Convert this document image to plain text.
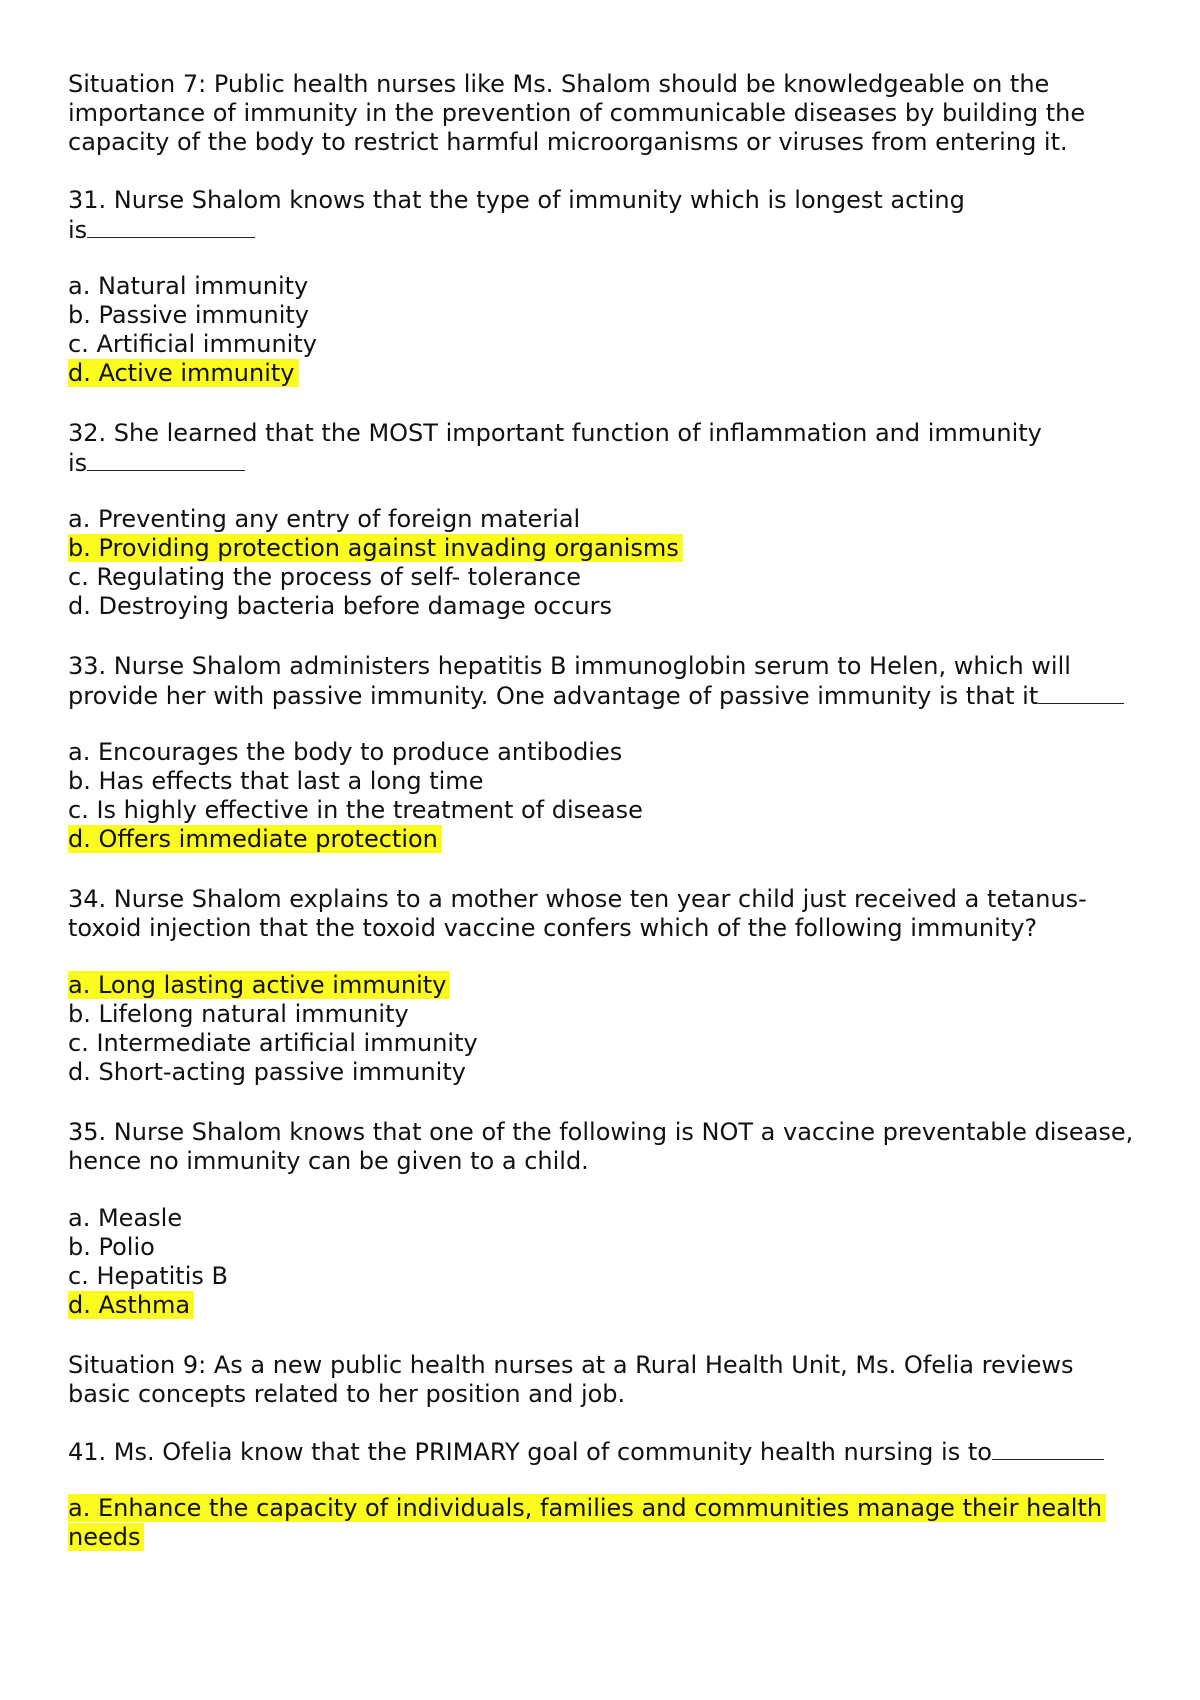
Situation 7: Public health nurses like Ms. Shalom should be knowledgeable on the
importance of immunity in the prevention of communicable diseases by building the
capacity of the body to restrict harmful microorganisms or viruses from entering it.
31. Nurse Shalom knows that the type of immunity which is longest acting
is
a. Natural immunity
b. Passive immunity
c. Artificial immunity
d. Active immunity
32. She learned that the MOST important function of inflammation and immunity
is
a. Preventing any entry of foreign material
b. Providing protection against invading organisms
c. Regulating the process of self- tolerance
d. Destroying bacteria before damage occurs
33. Nurse Shalom administers hepatitis B immunoglobin serum to Helen, which will
provide her with passive immunity. One advantage of passive immunity is that it
a. Encourages the body to produce antibodies
b. Has effects that last a long time
c. Is highly effective in the treatment of disease
d. Offers immediate protection
34. Nurse Shalom explains to a mother whose ten year child just received a tetanus-
toxoid injection that the toxoid vaccine confers which of the following immunity?
a. Long lasting active immunity
b. Lifelong natural immunity
c. Intermediate artificial immunity
d. Short-acting passive immunity
35. Nurse Shalom knows that one of the following is NOT a vaccine preventable disease,
hence no immunity can be given to a child.
a. Measle
b. Polio
c. Hepatitis B
d. Asthma
Situation 9: As a new public health nurses at a Rural Health Unit, Ms. Ofelia reviews
basic concepts related to her position and job.
41. Ms. Ofelia know that the PRIMARY goal of community health nursing is to
a. Enhance the capacity of individuals, families and communities manage their health
needs
